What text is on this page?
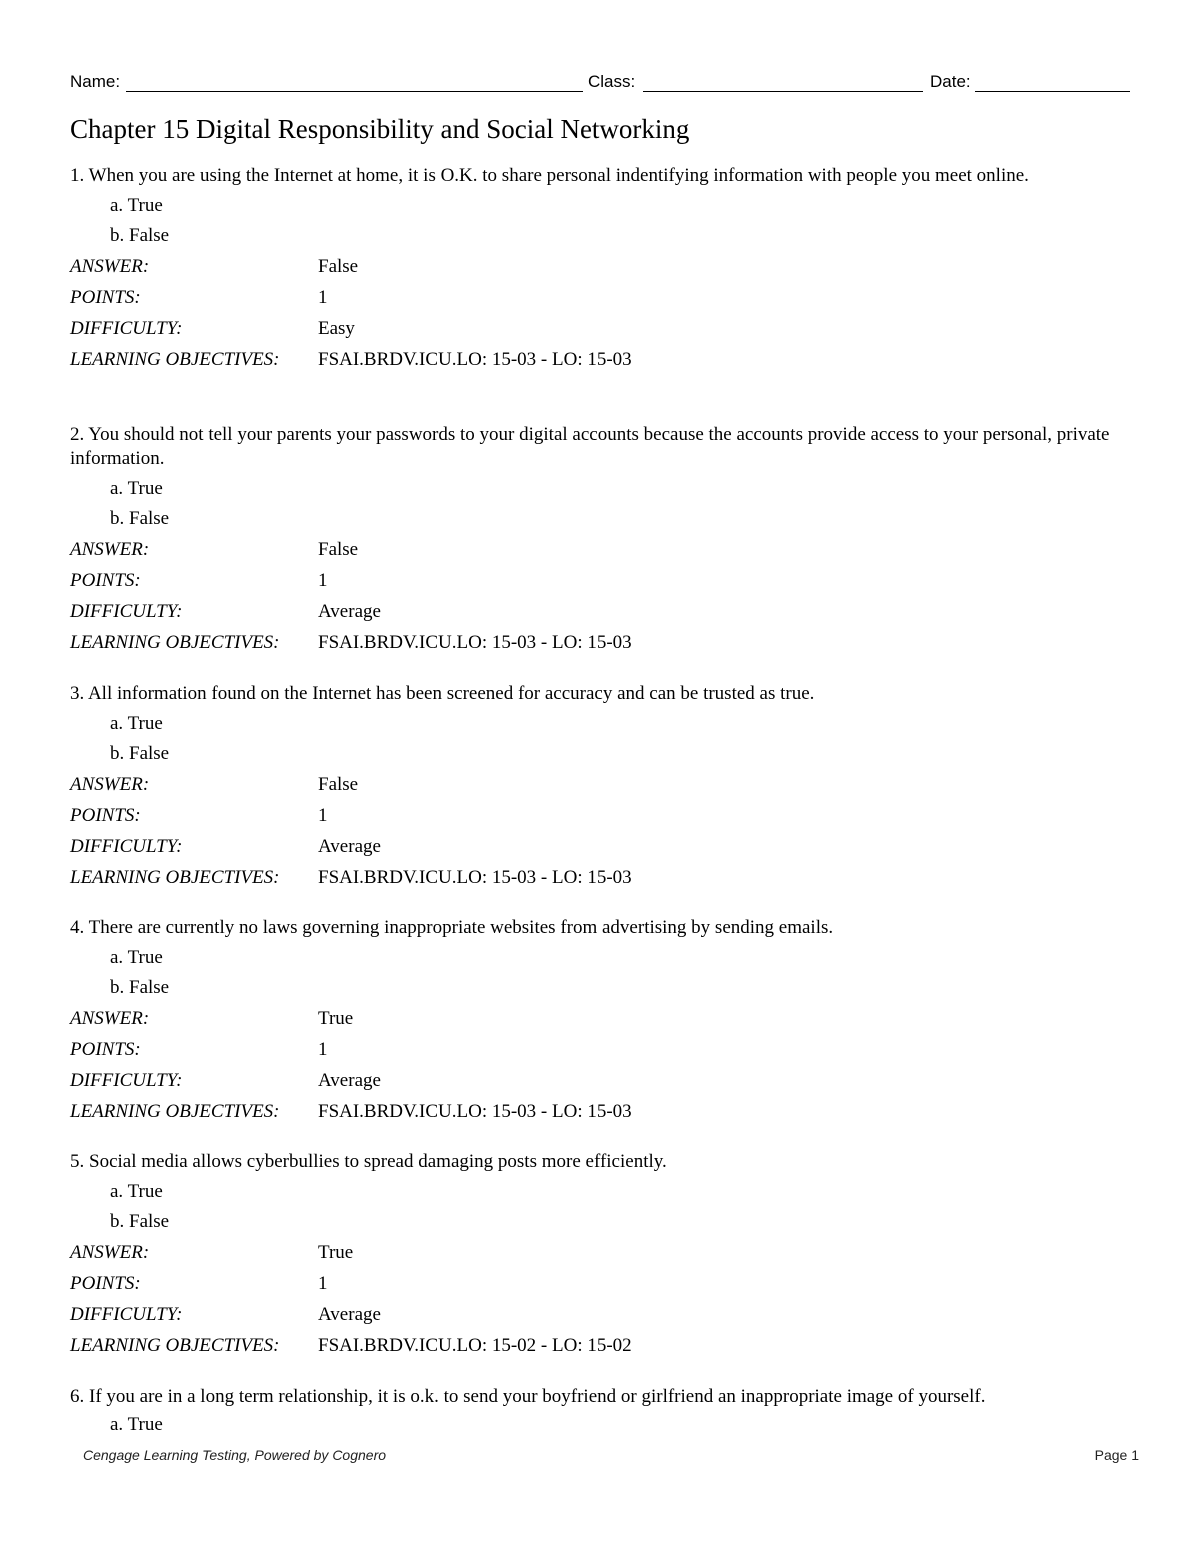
Name:	Class:	Date:
Chapter 15 Digital Responsibility and Social Networking

1. When you are using the Internet at home, it is O.K. to share personal indentifying information with people you meet online.

a. True
b. False
ANSWER:	False
POINTS:	1
DIFFICULTY:	Easy
LEARNING OBJECTIVES:	FSAI.BRDV.ICU.LO: 15-03 - LO: 15-03

2. You should not tell your parents your passwords to your digital accounts because the accounts provide access to your personal, private information.

a. True
b. False
ANSWER:	False
POINTS:	1
DIFFICULTY:	Average
LEARNING OBJECTIVES:	FSAI.BRDV.ICU.LO: 15-03 - LO: 15-03

3. All information found on the Internet has been screened for accuracy and can be trusted as true.

a. True
b. False
ANSWER:	False
POINTS:	1
DIFFICULTY:	Average
LEARNING OBJECTIVES:	FSAI.BRDV.ICU.LO: 15-03 - LO: 15-03

4. There are currently no laws governing inappropriate websites from advertising by sending emails.

a. True
b. False
ANSWER:	True
POINTS:	1
DIFFICULTY:	Average
LEARNING OBJECTIVES:	FSAI.BRDV.ICU.LO: 15-03 - LO: 15-03

5. Social media allows cyberbullies to spread damaging posts more efficiently.

a. True
b. False
ANSWER:	True
POINTS:	1
DIFFICULTY:	Average
LEARNING OBJECTIVES:	FSAI.BRDV.ICU.LO: 15-02 - LO: 15-02

6. If you are in a long term relationship, it is o.k. to send your boyfriend or girlfriend an inappropriate image of yourself.

a. True
Cengage Learning Testing, Powered by Cognero	Page 1
